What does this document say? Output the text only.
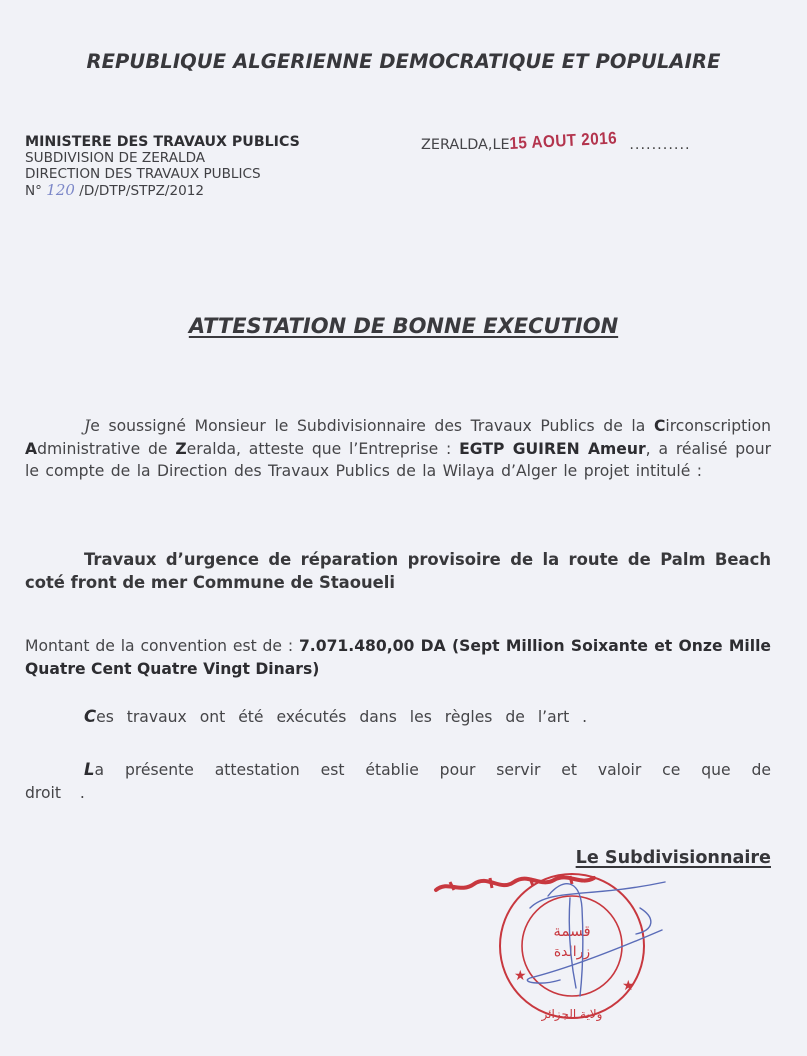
REPUBLIQUE ALGERIENNE DEMOCRATIQUE ET POPULAIRE
MINISTERE DES TRAVAUX PUBLICS
SUBDIVISION DE ZERALDA
DIRECTION DES TRAVAUX PUBLICS
N° 120 /D/DTP/STPZ/2012
ZERALDA,LE15 AOUT 2016 ...........
ATTESTATION DE BONNE EXECUTION
Je soussigné Monsieur le Subdivisionnaire des Travaux Publics de la Circonscription Administrative de Zeralda, atteste que l’Entreprise : EGTP GUIREN Ameur, a réalisé pour le compte de la Direction des Travaux Publics de la Wilaya d’Alger le projet intitulé :
Travaux d’urgence de réparation provisoire de la route de Palm Beach coté front de mer Commune de Staoueli
Montant de la convention est de : 7.071.480,00 DA (Sept Million Soixante et Onze Mille Quatre Cent Quatre Vingt Dinars)
Ces travaux ont été exécutés dans les règles de l’art .
La présente attestation est établie pour servir et valoir ce que de droit .
Le Subdivisionnaire
قسمة
زرالدة
ولاية الجزائر
★
★
